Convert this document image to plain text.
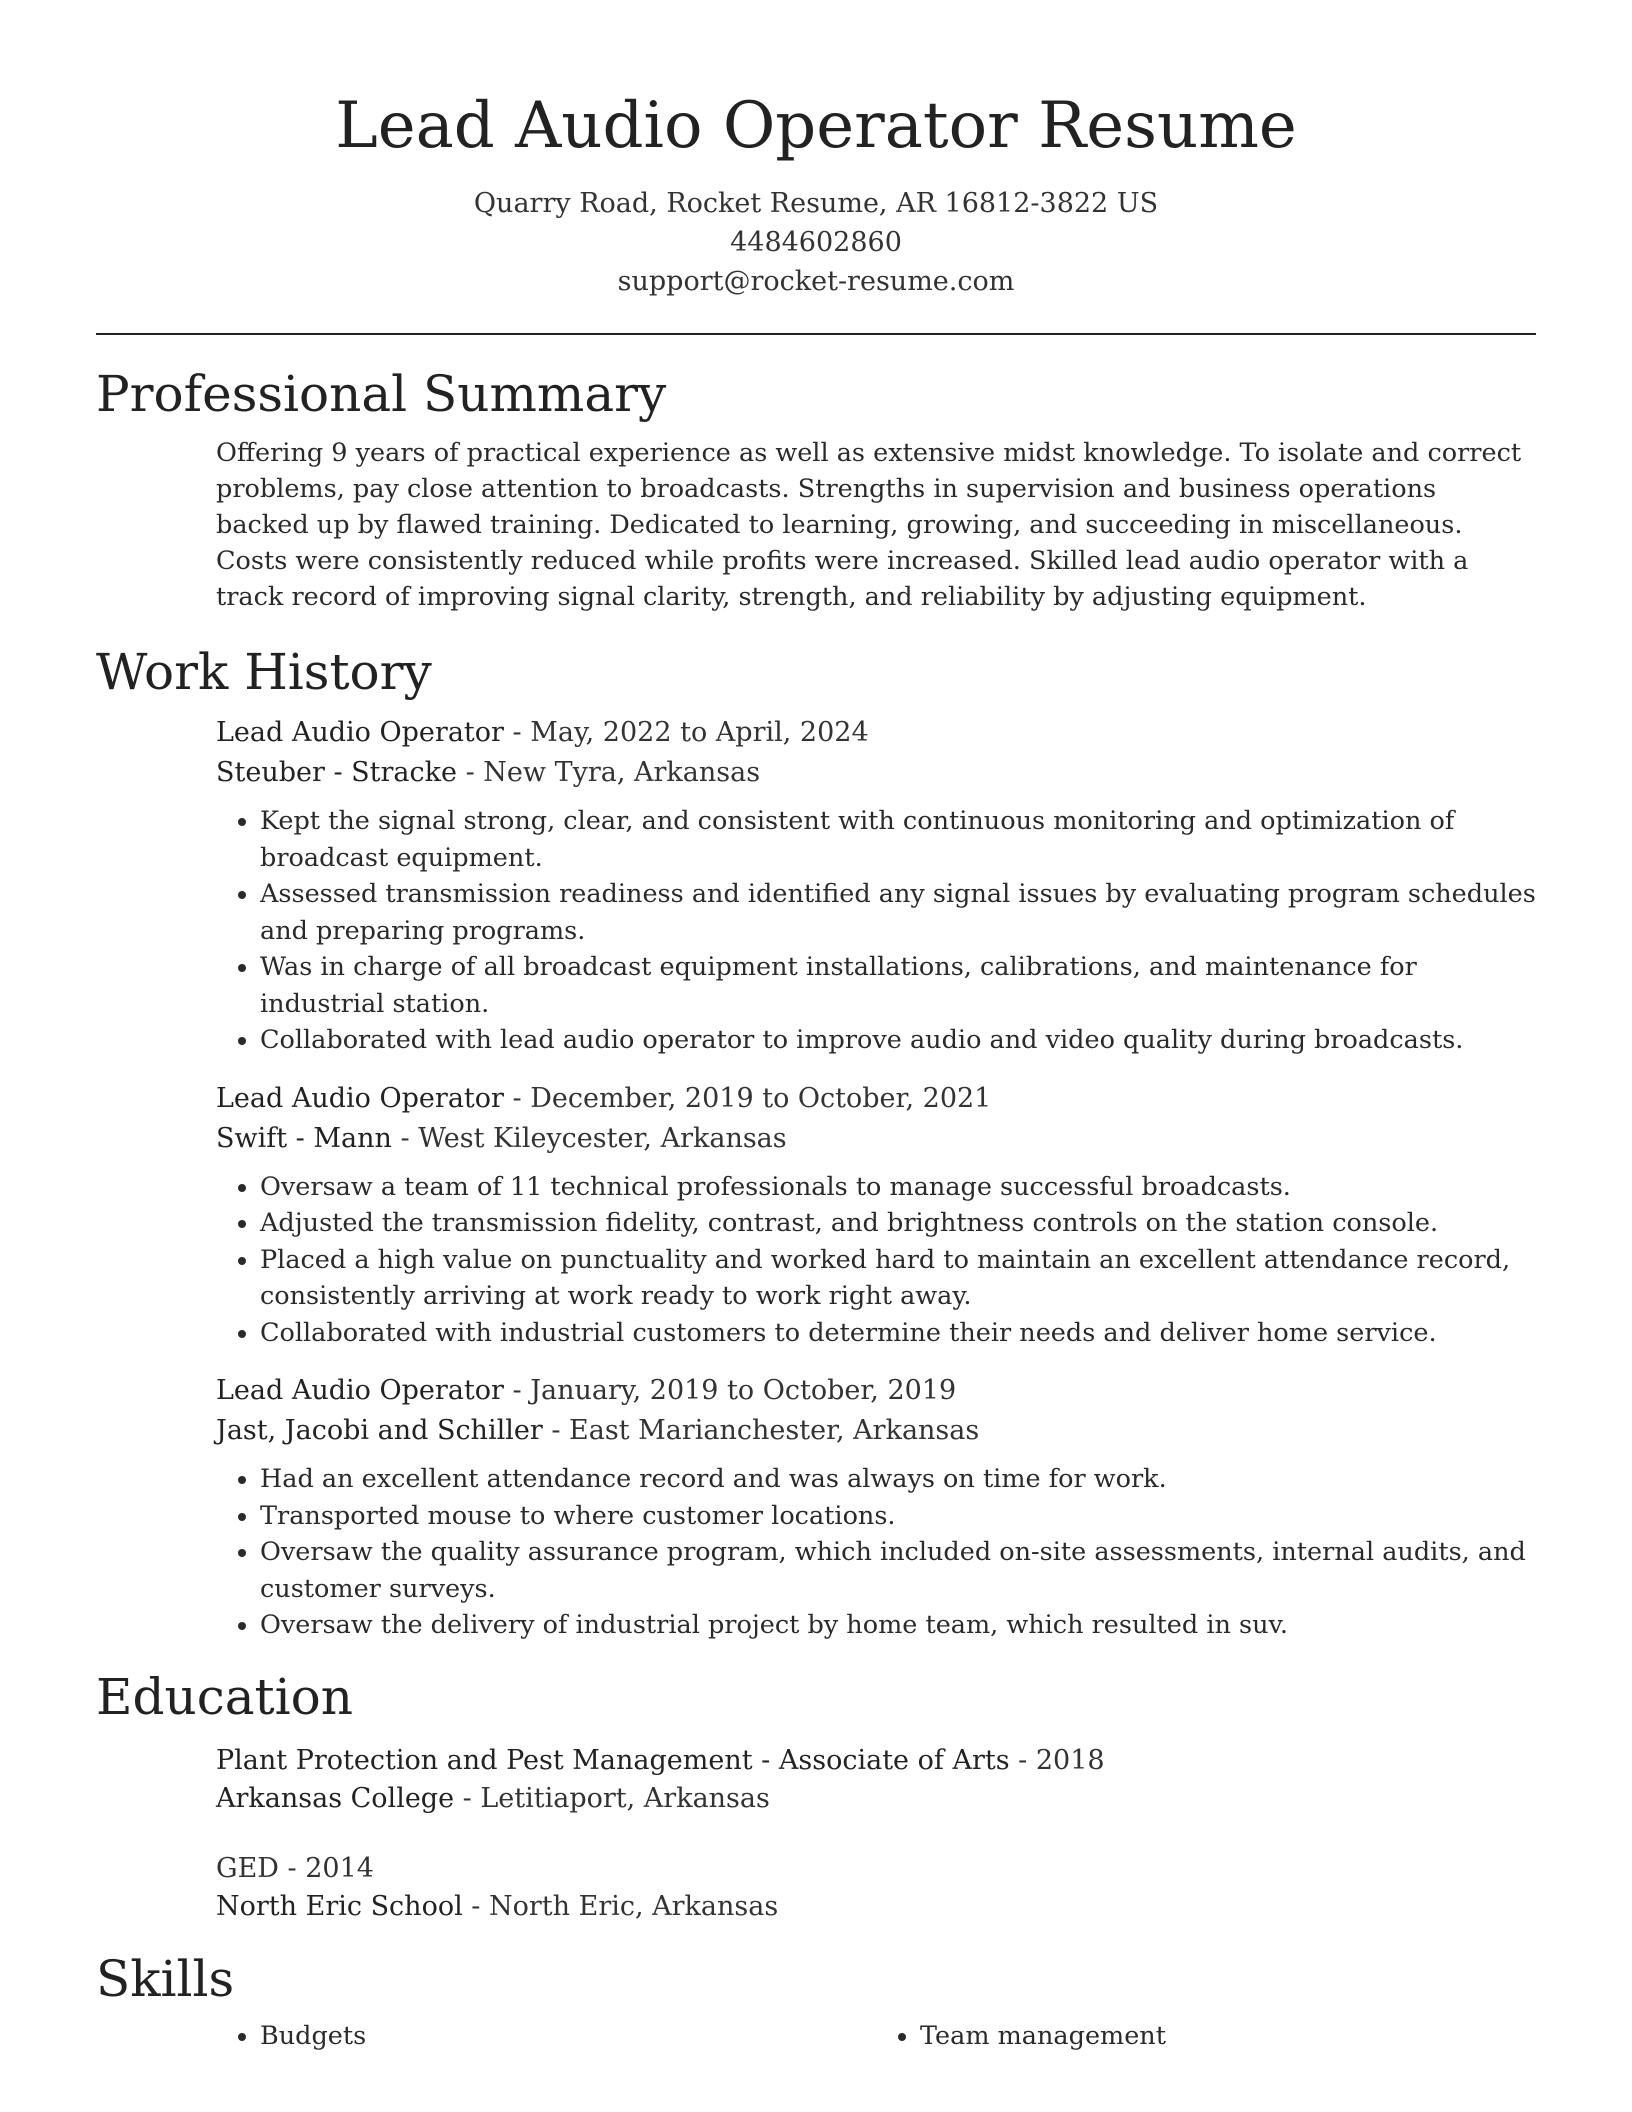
Lead Audio Operator Resume
Quarry Road, Rocket Resume, AR 16812-3822 US
4484602860
support@rocket-resume.com
Professional Summary

Offering 9 years of practical experience as well as extensive midst knowledge. To isolate and correct problems, pay close attention to broadcasts. Strengths in supervision and business operations backed up by flawed training. Dedicated to learning, growing, and succeeding in miscellaneous. Costs were consistently reduced while profits were increased. Skilled lead audio operator with a track record of improving signal clarity, strength, and reliability by adjusting equipment.

Work History
Lead Audio Operator - May, 2022 to April, 2024
Steuber - Stracke - New Tyra, Arkansas
• Kept the signal strong, clear, and consistent with continuous monitoring and optimization of broadcast equipment.
• Assessed transmission readiness and identified any signal issues by evaluating program schedules and preparing programs.
• Was in charge of all broadcast equipment installations, calibrations, and maintenance for industrial station.
• Collaborated with lead audio operator to improve audio and video quality during broadcasts.
Lead Audio Operator - December, 2019 to October, 2021
Swift - Mann - West Kileycester, Arkansas
• Oversaw a team of 11 technical professionals to manage successful broadcasts.
• Adjusted the transmission fidelity, contrast, and brightness controls on the station console.
• Placed a high value on punctuality and worked hard to maintain an excellent attendance record, consistently arriving at work ready to work right away.
• Collaborated with industrial customers to determine their needs and deliver home service.
Lead Audio Operator - January, 2019 to October, 2019
Jast, Jacobi and Schiller - East Marianchester, Arkansas
• Had an excellent attendance record and was always on time for work.
• Transported mouse to where customer locations.
• Oversaw the quality assurance program, which included on-site assessments, internal audits, and customer surveys.
• Oversaw the delivery of industrial project by home team, which resulted in suv.
Education
Plant Protection and Pest Management - Associate of Arts - 2018
Arkansas College - Letitiaport, Arkansas
GED - 2014
North Eric School - North Eric, Arkansas
Skills
• Budgets
•	Team management
